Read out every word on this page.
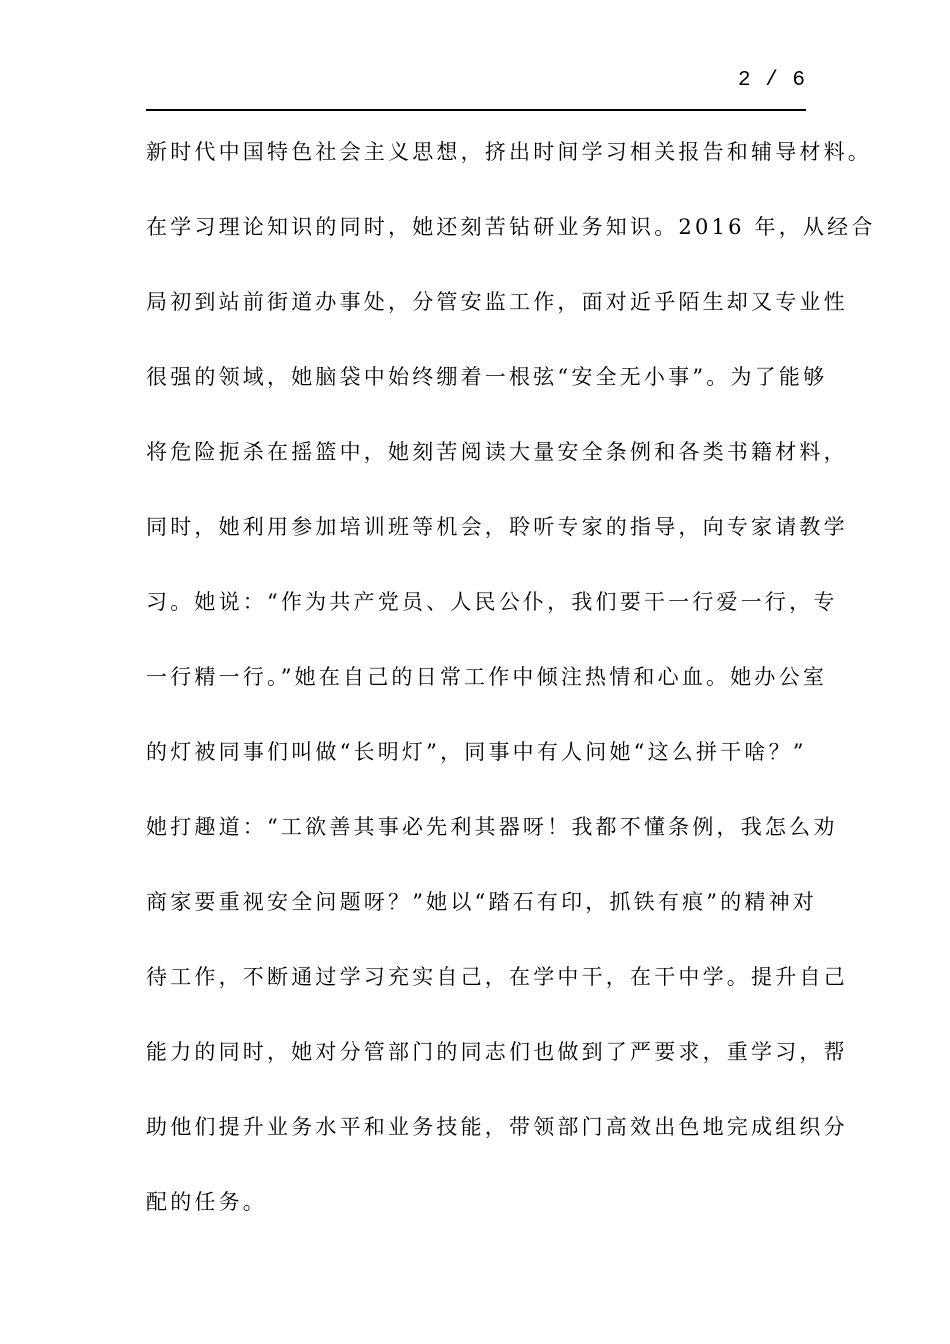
2 / 6
新时代中国特色社会主义思想，挤出时间学习相关报告和辅导材料。
在学习理论知识的同时，她还刻苦钻研业务知识。2016 年，从经合
局初到站前街道办事处，分管安监工作，面对近乎陌生却又专业性
很强的领域，她脑袋中始终绷着一根弦“安全无小事”。为了能够
将危险扼杀在摇篮中，她刻苦阅读大量安全条例和各类书籍材料，
同时，她利用参加培训班等机会，聆听专家的指导，向专家请教学
习。她说：“作为共产党员、人民公仆，我们要干一行爱一行，专
一行精一行。”她在自己的日常工作中倾注热情和心血。她办公室
的灯被同事们叫做“长明灯”，同事中有人问她“这么拼干啥？”
她打趣道：“工欲善其事必先利其器呀！我都不懂条例，我怎么劝
商家要重视安全问题呀？”她以“踏石有印，抓铁有痕”的精神对
待工作，不断通过学习充实自己，在学中干，在干中学。提升自己
能力的同时，她对分管部门的同志们也做到了严要求，重学习，帮
助他们提升业务水平和业务技能，带领部门高效出色地完成组织分
配的任务。
